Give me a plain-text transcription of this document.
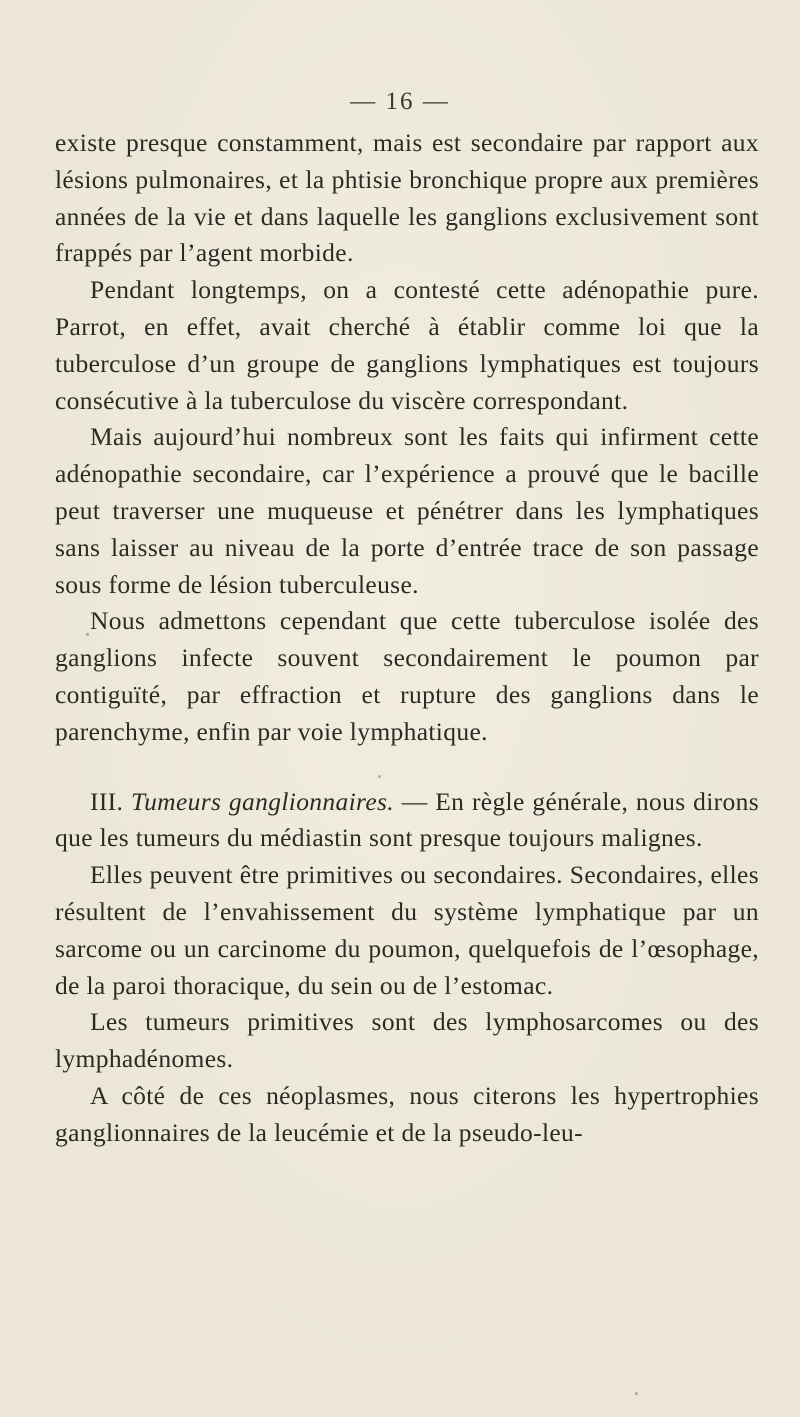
— 16 —

existe presque constamment, mais est secondaire par rapport aux lésions pulmonaires, et la phtisie bronchique propre aux premières années de la vie et dans laquelle les ganglions exclusivement sont frappés par l’agent morbide.

Pendant longtemps, on a contesté cette adénopathie pure. Parrot, en effet, avait cherché à établir comme loi que la tuberculose d’un groupe de ganglions lymphatiques est toujours consécutive à la tuberculose du viscère correspondant.

Mais aujourd’hui nombreux sont les faits qui infirment cette adénopathie secondaire, car l’expérience a prouvé que le bacille peut traverser une muqueuse et pénétrer dans les lymphatiques sans laisser au niveau de la porte d’entrée trace de son passage sous forme de lésion tuberculeuse.

Nous admettons cependant que cette tuberculose isolée des ganglions infecte souvent secondairement le poumon par contiguïté, par effraction et rupture des ganglions dans le parenchyme, enfin par voie lymphatique.

III. Tumeurs ganglionnaires. — En règle générale, nous dirons que les tumeurs du médiastin sont presque toujours malignes.

Elles peuvent être primitives ou secondaires. Secondaires, elles résultent de l’envahissement du système lymphatique par un sarcome ou un carcinome du poumon, quelquefois de l’œsophage, de la paroi thoracique, du sein ou de l’estomac.

Les tumeurs primitives sont des lymphosarcomes ou des lymphadénomes.

A côté de ces néoplasmes, nous citerons les hypertrophies ganglionnaires de la leucémie et de la pseudo-leu-
